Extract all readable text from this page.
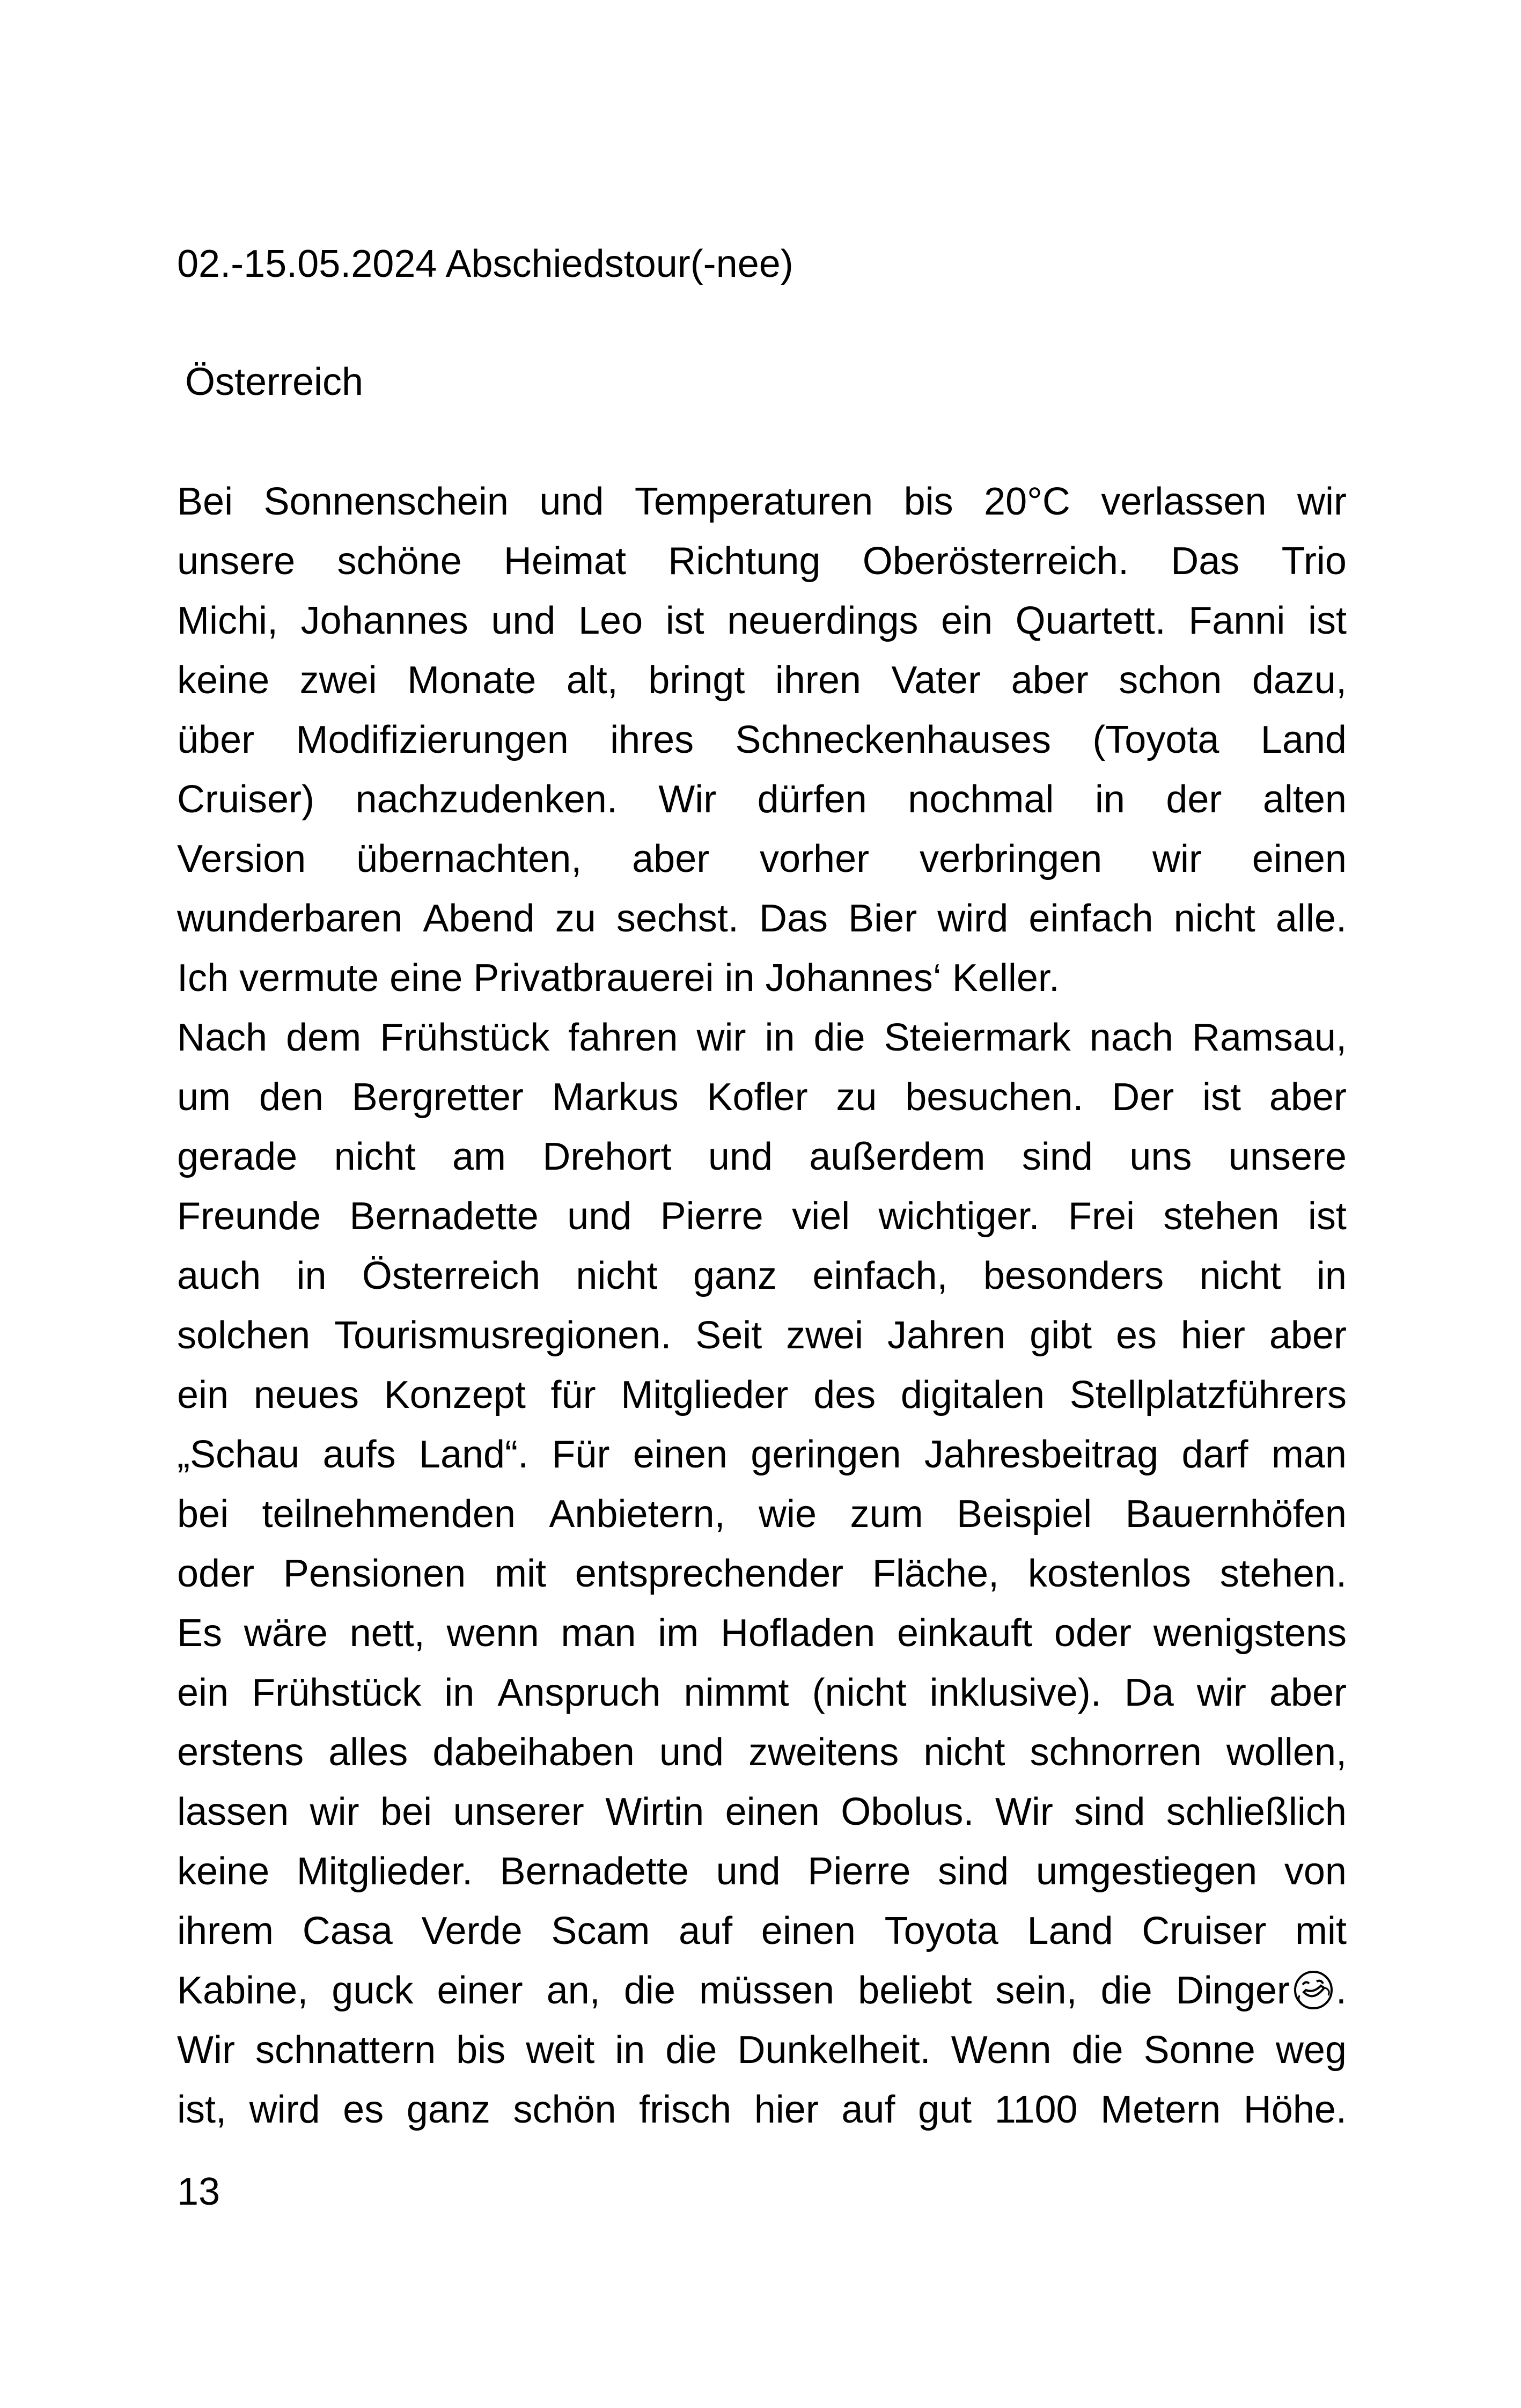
02.-15.05.2024 Abschiedstour(-nee)
Österreich
Bei Sonnenschein und Temperaturen bis 20°C verlassen wir
unsere schöne Heimat Richtung Oberösterreich. Das Trio
Michi, Johannes und Leo ist neuerdings ein Quartett. Fanni ist
keine zwei Monate alt, bringt ihren Vater aber schon dazu,
über Modifizierungen ihres Schneckenhauses (Toyota Land
Cruiser) nachzudenken. Wir dürfen nochmal in der alten
Version übernachten, aber vorher verbringen wir einen
wunderbaren Abend zu sechst. Das Bier wird einfach nicht alle.
Ich vermute eine Privatbrauerei in Johannes‘ Keller.
Nach dem Frühstück fahren wir in die Steiermark nach Ramsau,
um den Bergretter Markus Kofler zu besuchen. Der ist aber
gerade nicht am Drehort und außerdem sind uns unsere
Freunde Bernadette und Pierre viel wichtiger. Frei stehen ist
auch in Österreich nicht ganz einfach, besonders nicht in
solchen Tourismusregionen. Seit zwei Jahren gibt es hier aber
ein neues Konzept für Mitglieder des digitalen Stellplatzführers
„Schau aufs Land“. Für einen geringen Jahresbeitrag darf man
bei teilnehmenden Anbietern, wie zum Beispiel Bauernhöfen
oder Pensionen mit entsprechender Fläche, kostenlos stehen.
Es wäre nett, wenn man im Hofladen einkauft oder wenigstens
ein Frühstück in Anspruch nimmt (nicht inklusive). Da wir aber
erstens alles dabeihaben und zweitens nicht schnorren wollen,
lassen wir bei unserer Wirtin einen Obolus. Wir sind schließlich
keine Mitglieder. Bernadette und Pierre sind umgestiegen von
ihrem Casa Verde Scam auf einen Toyota Land Cruiser mit
Kabine, guck einer an, die müssen beliebt sein, die Dinger .
Wir schnattern bis weit in die Dunkelheit. Wenn die Sonne weg
ist, wird es ganz schön frisch hier auf gut 1100 Metern Höhe.
13
